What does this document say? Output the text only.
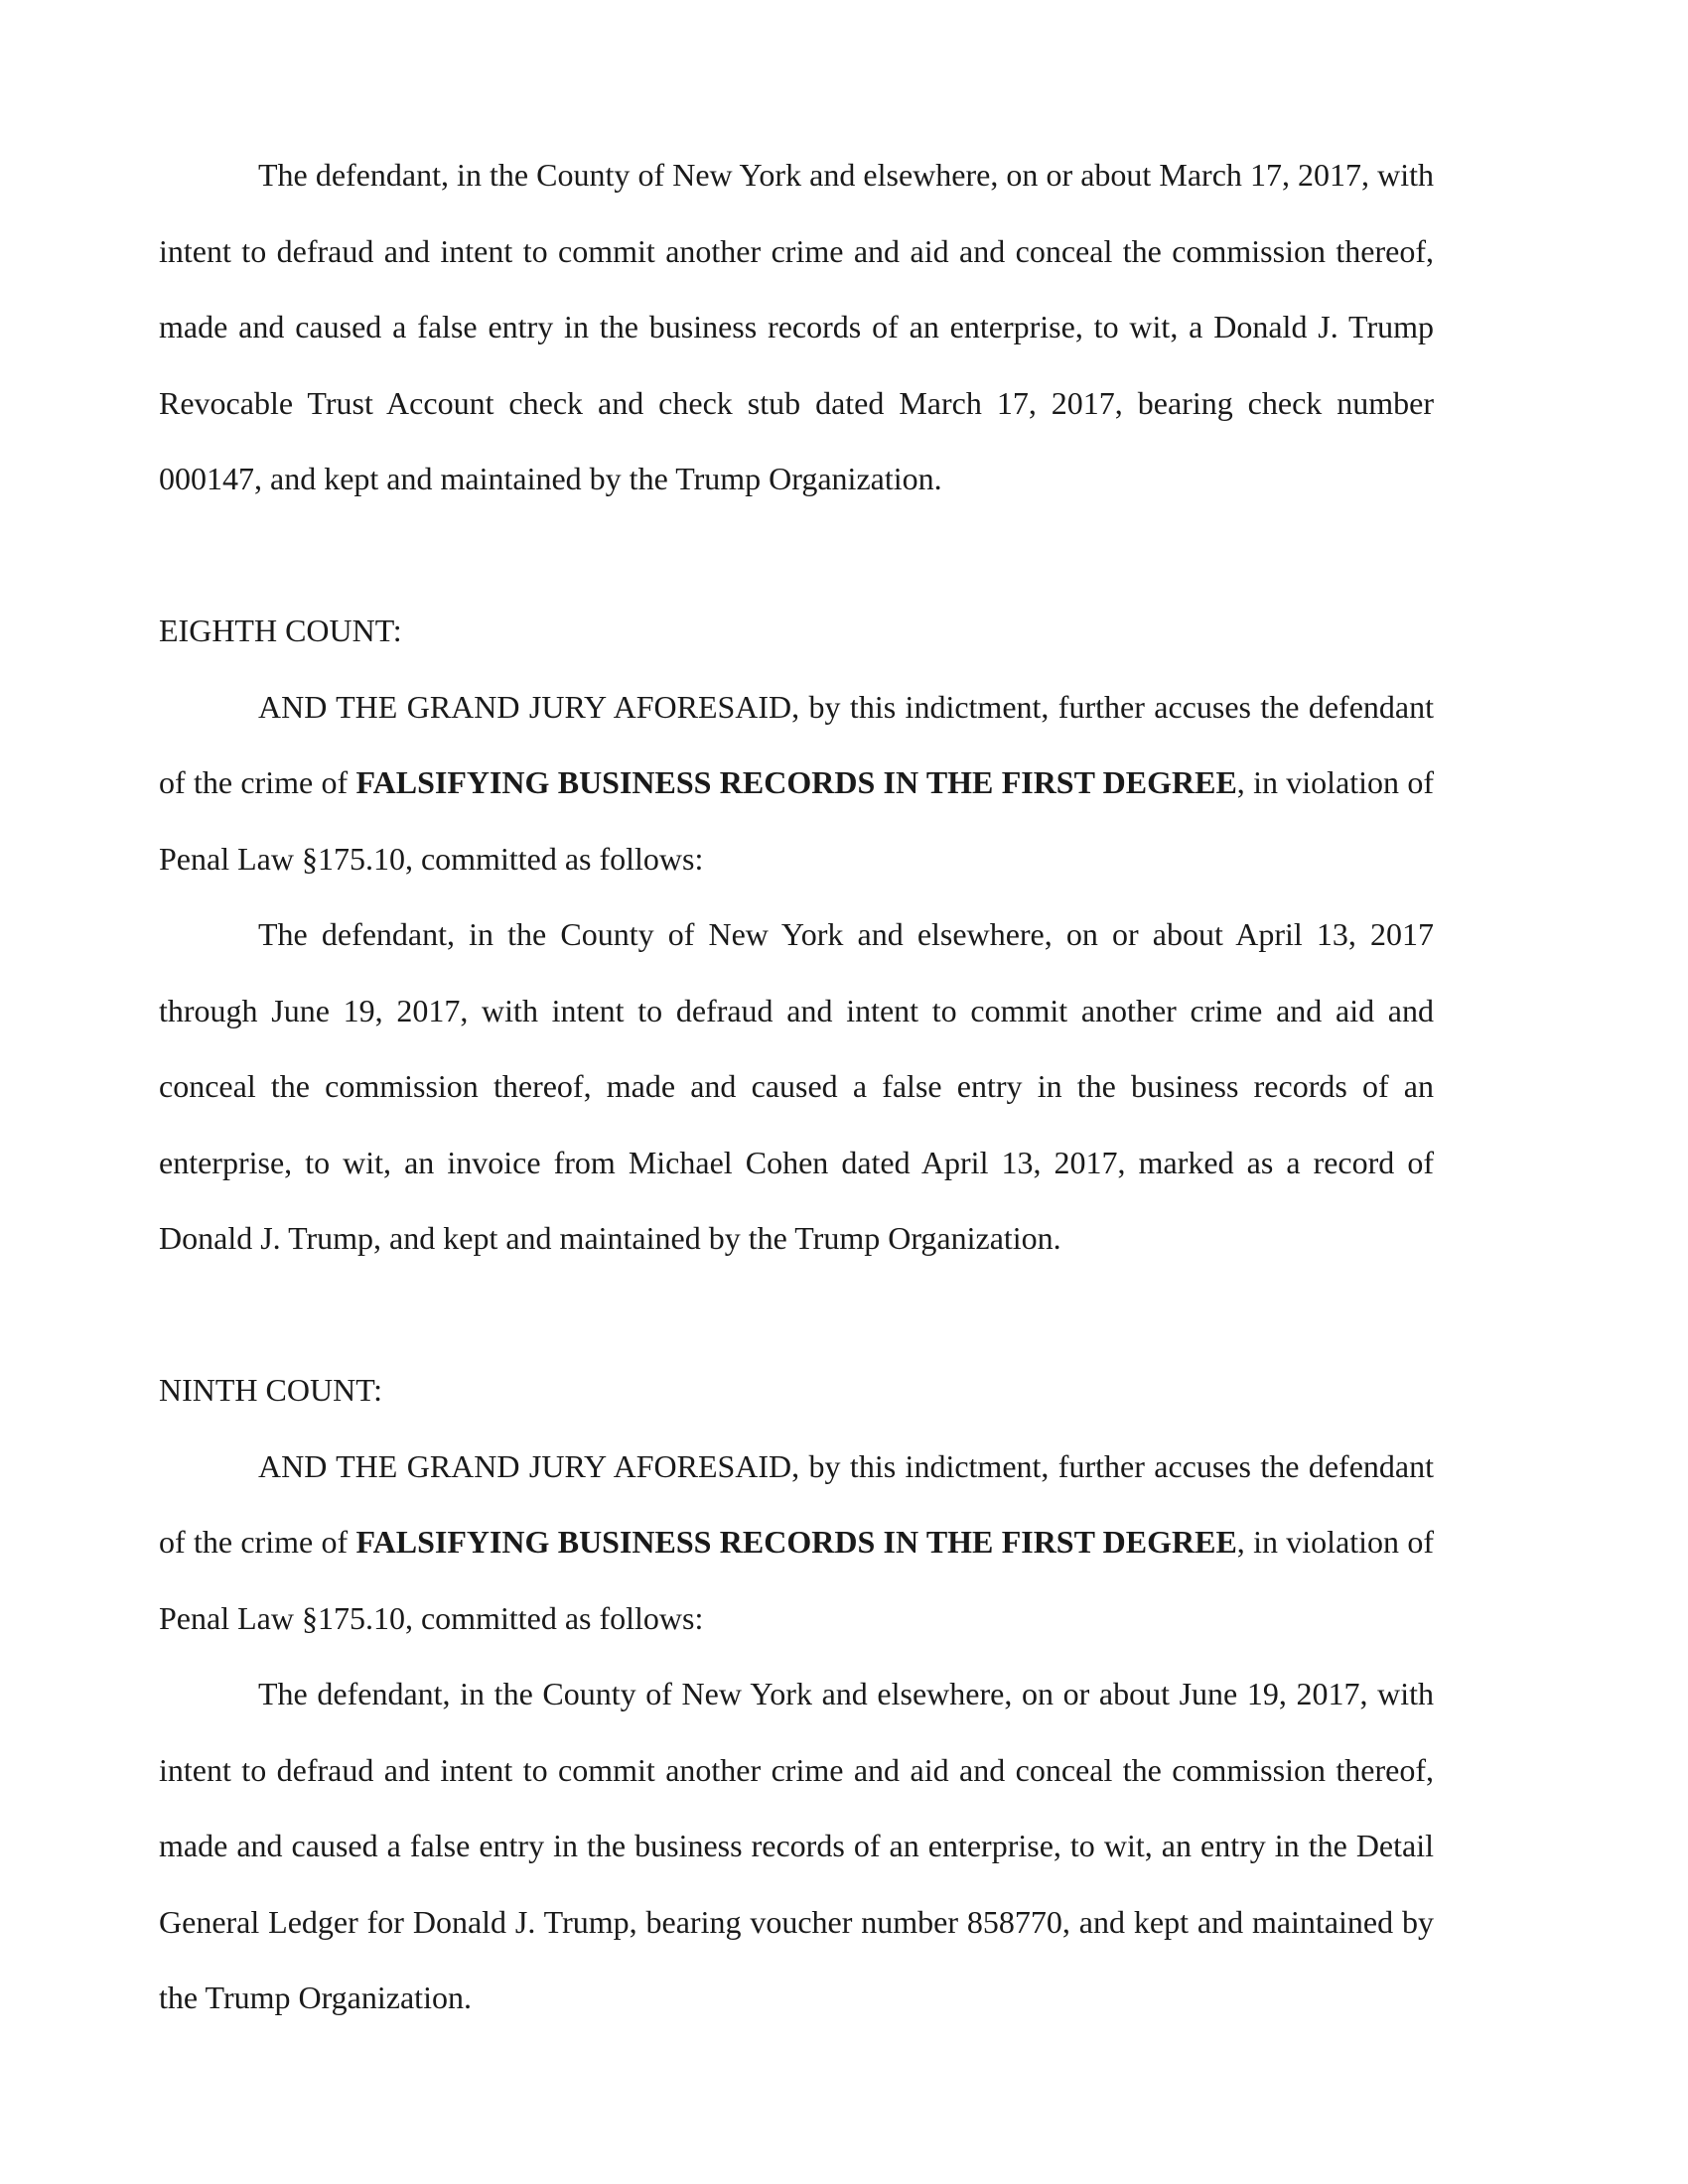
The defendant, in the County of New York and elsewhere, on or about March 17, 2017, with intent to defraud and intent to commit another crime and aid and conceal the commission thereof, made and caused a false entry in the business records of an enterprise, to wit, a Donald J. Trump Revocable Trust Account check and check stub dated March 17, 2017, bearing check number 000147, and kept and maintained by the Trump Organization.

EIGHTH COUNT:

AND THE GRAND JURY AFORESAID, by this indictment, further accuses the defendant of the crime of FALSIFYING BUSINESS RECORDS IN THE FIRST DEGREE, in violation of Penal Law §175.10, committed as follows:

The defendant, in the County of New York and elsewhere, on or about April 13, 2017 through June 19, 2017, with intent to defraud and intent to commit another crime and aid and conceal the commission thereof, made and caused a false entry in the business records of an enterprise, to wit, an invoice from Michael Cohen dated April 13, 2017, marked as a record of Donald J. Trump, and kept and maintained by the Trump Organization.

NINTH COUNT:

AND THE GRAND JURY AFORESAID, by this indictment, further accuses the defendant of the crime of FALSIFYING BUSINESS RECORDS IN THE FIRST DEGREE, in violation of Penal Law §175.10, committed as follows:

The defendant, in the County of New York and elsewhere, on or about June 19, 2017, with intent to defraud and intent to commit another crime and aid and conceal the commission thereof, made and caused a false entry in the business records of an enterprise, to wit, an entry in the Detail General Ledger for Donald J. Trump, bearing voucher number 858770, and kept and maintained by the Trump Organization.
